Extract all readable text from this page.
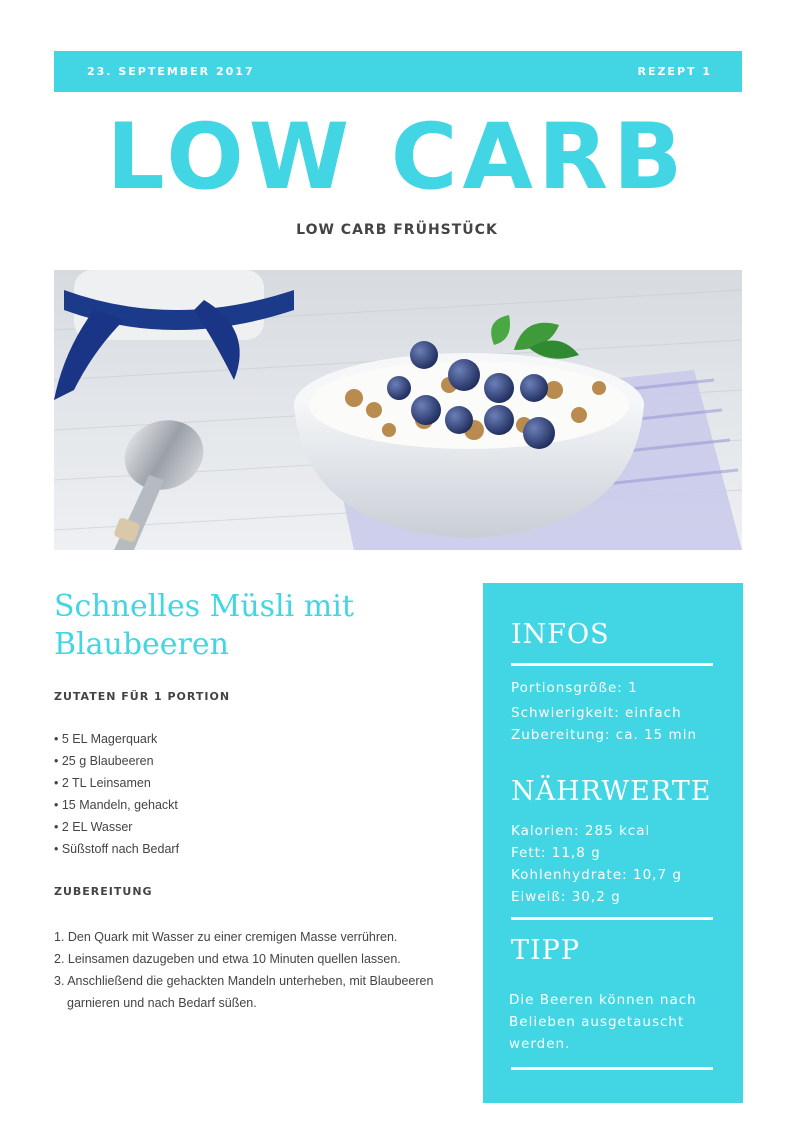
23. SEPTEMBER 2017	REZEPT 1
LOW CARB
LOW CARB FRÜHSTÜCK
Schnelles Müsli mit
Blaubeeren
ZUTATEN FÜR 1 PORTION
• 5 EL Magerquark
• 25 g Blaubeeren
• 2 TL Leinsamen
• 15 Mandeln, gehackt
• 2 EL Wasser
• Süßstoff nach Bedarf
ZUBEREITUNG
1. Den Quark mit Wasser zu einer cremigen Masse verrühren.
2. Leinsamen dazugeben und etwa 10 Minuten quellen lassen.
3. Anschließend die gehackten Mandeln unterheben, mit Blaubeeren garnieren und nach Bedarf süßen.
INFOS
Portionsgröße: 1
Schwierigkeit: einfach
Zubereitung: ca. 15 min
NÄHRWERTE
Kalorien: 285 kcal
Fett: 11,8 g
Kohlenhydrate: 10,7 g
Eiweiß: 30,2 g
TIPP
Die Beeren können nach Belieben ausgetauscht werden.
